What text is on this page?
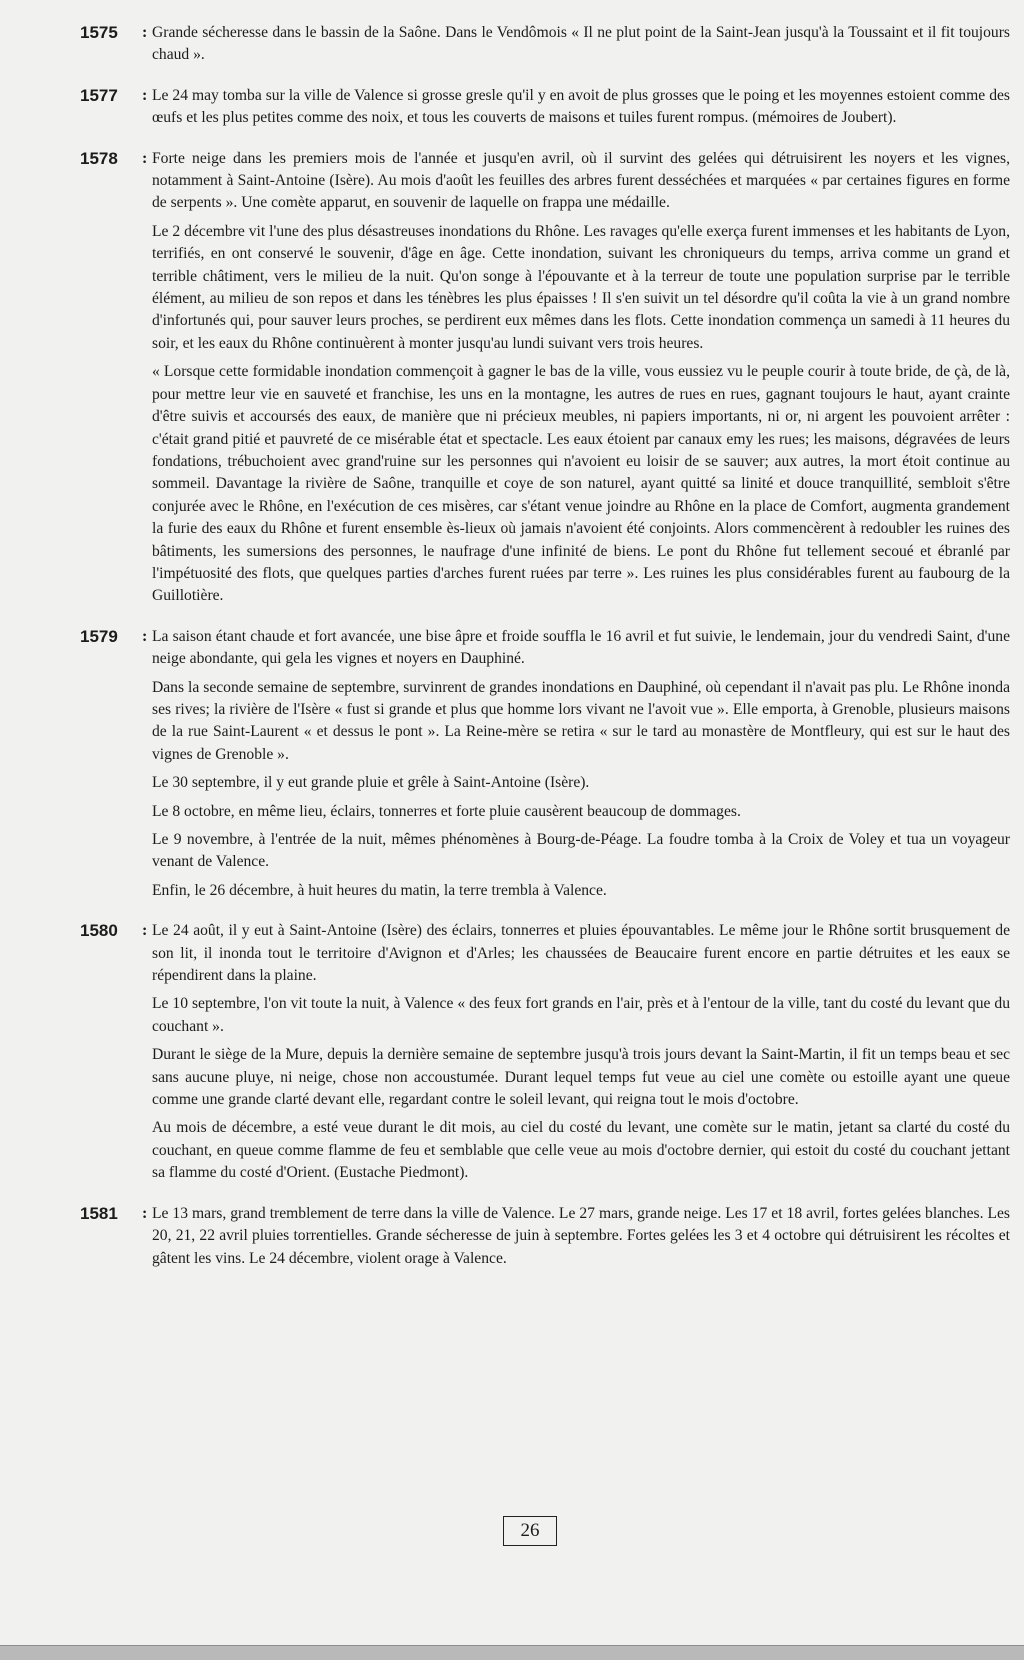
1575	: Grande sécheresse dans le bassin de la Saône. Dans le Vendômois « Il ne plut point de la Saint-Jean jusqu'à la Toussaint et il fit toujours chaud ».

1577	: Le 24 may tomba sur la ville de Valence si grosse gresle qu'il y en avoit de plus grosses que le poing et les moyennes estoient comme des œufs et les plus petites comme des noix, et tous les couverts de maisons et tuiles furent rompus. (mémoires de Joubert).

1578	: Forte neige dans les premiers mois de l'année et jusqu'en avril, où il survint des gelées qui détruisirent les noyers et les vignes, notamment à Saint-Antoine (Isère). Au mois d'août les feuilles des arbres furent desséchées et marquées « par certaines figures en forme de serpents ». Une comète apparut, en souvenir de laquelle on frappa une médaille.

Le 2 décembre vit l'une des plus désastreuses inondations du Rhône. Les ravages qu'elle exerça furent immenses et les habitants de Lyon, terrifiés, en ont conservé le souvenir, d'âge en âge. Cette inondation, suivant les chroniqueurs du temps, arriva comme un grand et terrible châtiment, vers le milieu de la nuit. Qu'on songe à l'épouvante et à la terreur de toute une population surprise par le terrible élément, au milieu de son repos et dans les ténèbres les plus épaisses ! Il s'en suivit un tel désordre qu'il coûta la vie à un grand nombre d'infortunés qui, pour sauver leurs proches, se perdirent eux mêmes dans les flots. Cette inondation commença un samedi à 11 heures du soir, et les eaux du Rhône continuèrent à monter jusqu'au lundi suivant vers trois heures.

« Lorsque cette formidable inondation commençoit à gagner le bas de la ville, vous eussiez vu le peuple courir à toute bride, de çà, de là, pour mettre leur vie en sauveté et franchise, les uns en la montagne, les autres de rues en rues, gagnant toujours le haut, ayant crainte d'être suivis et accoursés des eaux, de manière que ni précieux meubles, ni papiers importants, ni or, ni argent les pouvoient arrêter : c'était grand pitié et pauvreté de ce misérable état et spectacle. Les eaux étoient par canaux emy les rues; les maisons, dégravées de leurs fondations, trébuchoient avec grand'ruine sur les personnes qui n'avoient eu loisir de se sauver; aux autres, la mort étoit continue au sommeil. Davantage la rivière de Saône, tranquille et coye de son naturel, ayant quitté sa linité et douce tranquillité, sembloit s'être conjurée avec le Rhône, en l'exécution de ces misères, car s'étant venue joindre au Rhône en la place de Comfort, augmenta grandement la furie des eaux du Rhône et furent ensemble ès-lieux où jamais n'avoient été conjoints. Alors commencèrent à redoubler les ruines des bâtiments, les sumersions des personnes, le naufrage d'une infinité de biens. Le pont du Rhône fut tellement secoué et ébranlé par l'impétuosité des flots, que quelques parties d'arches furent ruées par terre ». Les ruines les plus considérables furent au faubourg de la Guillotière.

1579	: La saison étant chaude et fort avancée, une bise âpre et froide souffla le 16 avril et fut suivie, le lendemain, jour du vendredi Saint, d'une neige abondante, qui gela les vignes et noyers en Dauphiné.

Dans la seconde semaine de septembre, survinrent de grandes inondations en Dauphiné, où cependant il n'avait pas plu. Le Rhône inonda ses rives; la rivière de l'Isère « fust si grande et plus que homme lors vivant ne l'avoit vue ». Elle emporta, à Grenoble, plusieurs maisons de la rue Saint-Laurent « et dessus le pont ». La Reine-mère se retira « sur le tard au monastère de Montfleury, qui est sur le haut des vignes de Grenoble ».

Le 30 septembre, il y eut grande pluie et grêle à Saint-Antoine (Isère).

Le 8 octobre, en même lieu, éclairs, tonnerres et forte pluie causèrent beaucoup de dommages.

Le 9 novembre, à l'entrée de la nuit, mêmes phénomènes à Bourg-de-Péage. La foudre tomba à la Croix de Voley et tua un voyageur venant de Valence.

Enfin, le 26 décembre, à huit heures du matin, la terre trembla à Valence.

1580	: Le 24 août, il y eut à Saint-Antoine (Isère) des éclairs, tonnerres et pluies épouvantables. Le même jour le Rhône sortit brusquement de son lit, il inonda tout le territoire d'Avignon et d'Arles; les chaussées de Beaucaire furent encore en partie détruites et les eaux se répendirent dans la plaine.

Le 10 septembre, l'on vit toute la nuit, à Valence « des feux fort grands en l'air, près et à l'entour de la ville, tant du costé du levant que du couchant ».

Durant le siège de la Mure, depuis la dernière semaine de septembre jusqu'à trois jours devant la Saint-Martin, il fit un temps beau et sec sans aucune pluye, ni neige, chose non accoustumée. Durant lequel temps fut veue au ciel une comète ou estoille ayant une queue comme une grande clarté devant elle, regardant contre le soleil levant, qui reigna tout le mois d'octobre.

Au mois de décembre, a esté veue durant le dit mois, au ciel du costé du levant, une comète sur le matin, jetant sa clarté du costé du couchant, en queue comme flamme de feu et semblable que celle veue au mois d'octobre dernier, qui estoit du costé du couchant jettant sa flamme du costé d'Orient. (Eustache Piedmont).

1581	: Le 13 mars, grand tremblement de terre dans la ville de Valence. Le 27 mars, grande neige. Les 17 et 18 avril, fortes gelées blanches. Les 20, 21, 22 avril pluies torrentielles. Grande sécheresse de juin à septembre. Fortes gelées les 3 et 4 octobre qui détruisirent les récoltes et gâtent les vins. Le 24 décembre, violent orage à Valence.

26
